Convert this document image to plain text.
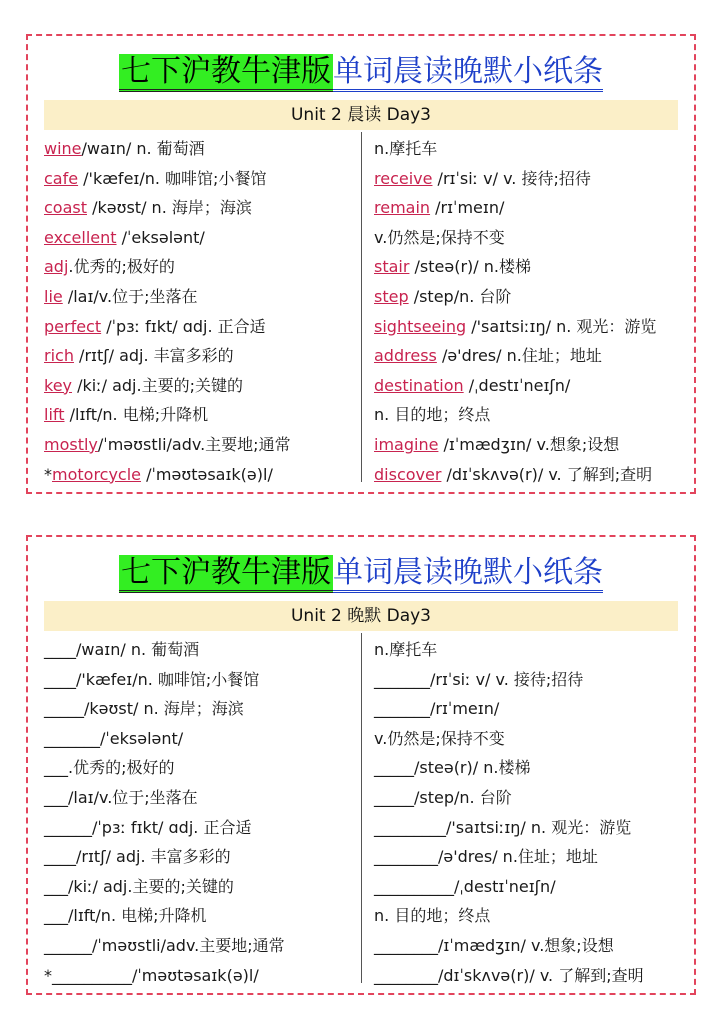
七下沪教牛津版单词晨读晚默小纸条
Unit 2 晨读 Day3
wine/waɪn/ n. 葡萄酒
cafe /'kæfeɪ/n. 咖啡馆;小餐馆
coast /kəʊst/ n. 海岸；海滨
excellent /ˈeksələnt/
adj.优秀的;极好的
lie /laɪ/v.位于;坐落在
perfect /ˈpɜː fɪkt/ ɑdj. 正合适
rich /rɪtʃ/ adj. 丰富多彩的
key /kiː/ adj.主要的;关键的
lift /lɪft/n. 电梯;升降机
mostly/ˈməʊstli/adv.主要地;通常
*motorcycle /ˈməʊtəsaɪk(ə)l/
n.摩托车
receive /rɪˈsiː v/ v. 接待;招待
remain /rɪˈmeɪn/
v.仍然是;保持不变
stair /steə(r)/ n.楼梯
step /step/n. 台阶
sightseeing /'saɪtsiːɪŋ/ n. 观光：游览
address /ə'dres/ n.住址；地址
destination /ˌdestɪˈneɪʃn/
n. 目的地；终点
imagine /ɪˈmædʒɪn/ v.想象;设想
discover /dɪˈskʌvə(r)/ v. 了解到;查明
七下沪教牛津版单词晨读晚默小纸条
Unit 2 晚默 Day3
____/waɪn/ n. 葡萄酒
____/'kæfeɪ/n. 咖啡馆;小餐馆
_____/kəʊst/ n. 海岸；海滨
_______/ˈeksələnt/
___.优秀的;极好的
___/laɪ/v.位于;坐落在
______/ˈpɜː fɪkt/ ɑdj. 正合适
____/rɪtʃ/ adj. 丰富多彩的
___/kiː/ adj.主要的;关键的
___/lɪft/n. 电梯;升降机
______/ˈməʊstli/adv.主要地;通常
*__________/ˈməʊtəsaɪk(ə)l/
n.摩托车
_______/rɪˈsiː v/ v. 接待;招待
_______/rɪˈmeɪn/
v.仍然是;保持不变
_____/steə(r)/ n.楼梯
_____/step/n. 台阶
_________/'saɪtsiːɪŋ/ n. 观光：游览
________/ə'dres/ n.住址；地址
__________/ˌdestɪˈneɪʃn/
n. 目的地；终点
________/ɪˈmædʒɪn/ v.想象;设想
________/dɪˈskʌvə(r)/ v. 了解到;查明
